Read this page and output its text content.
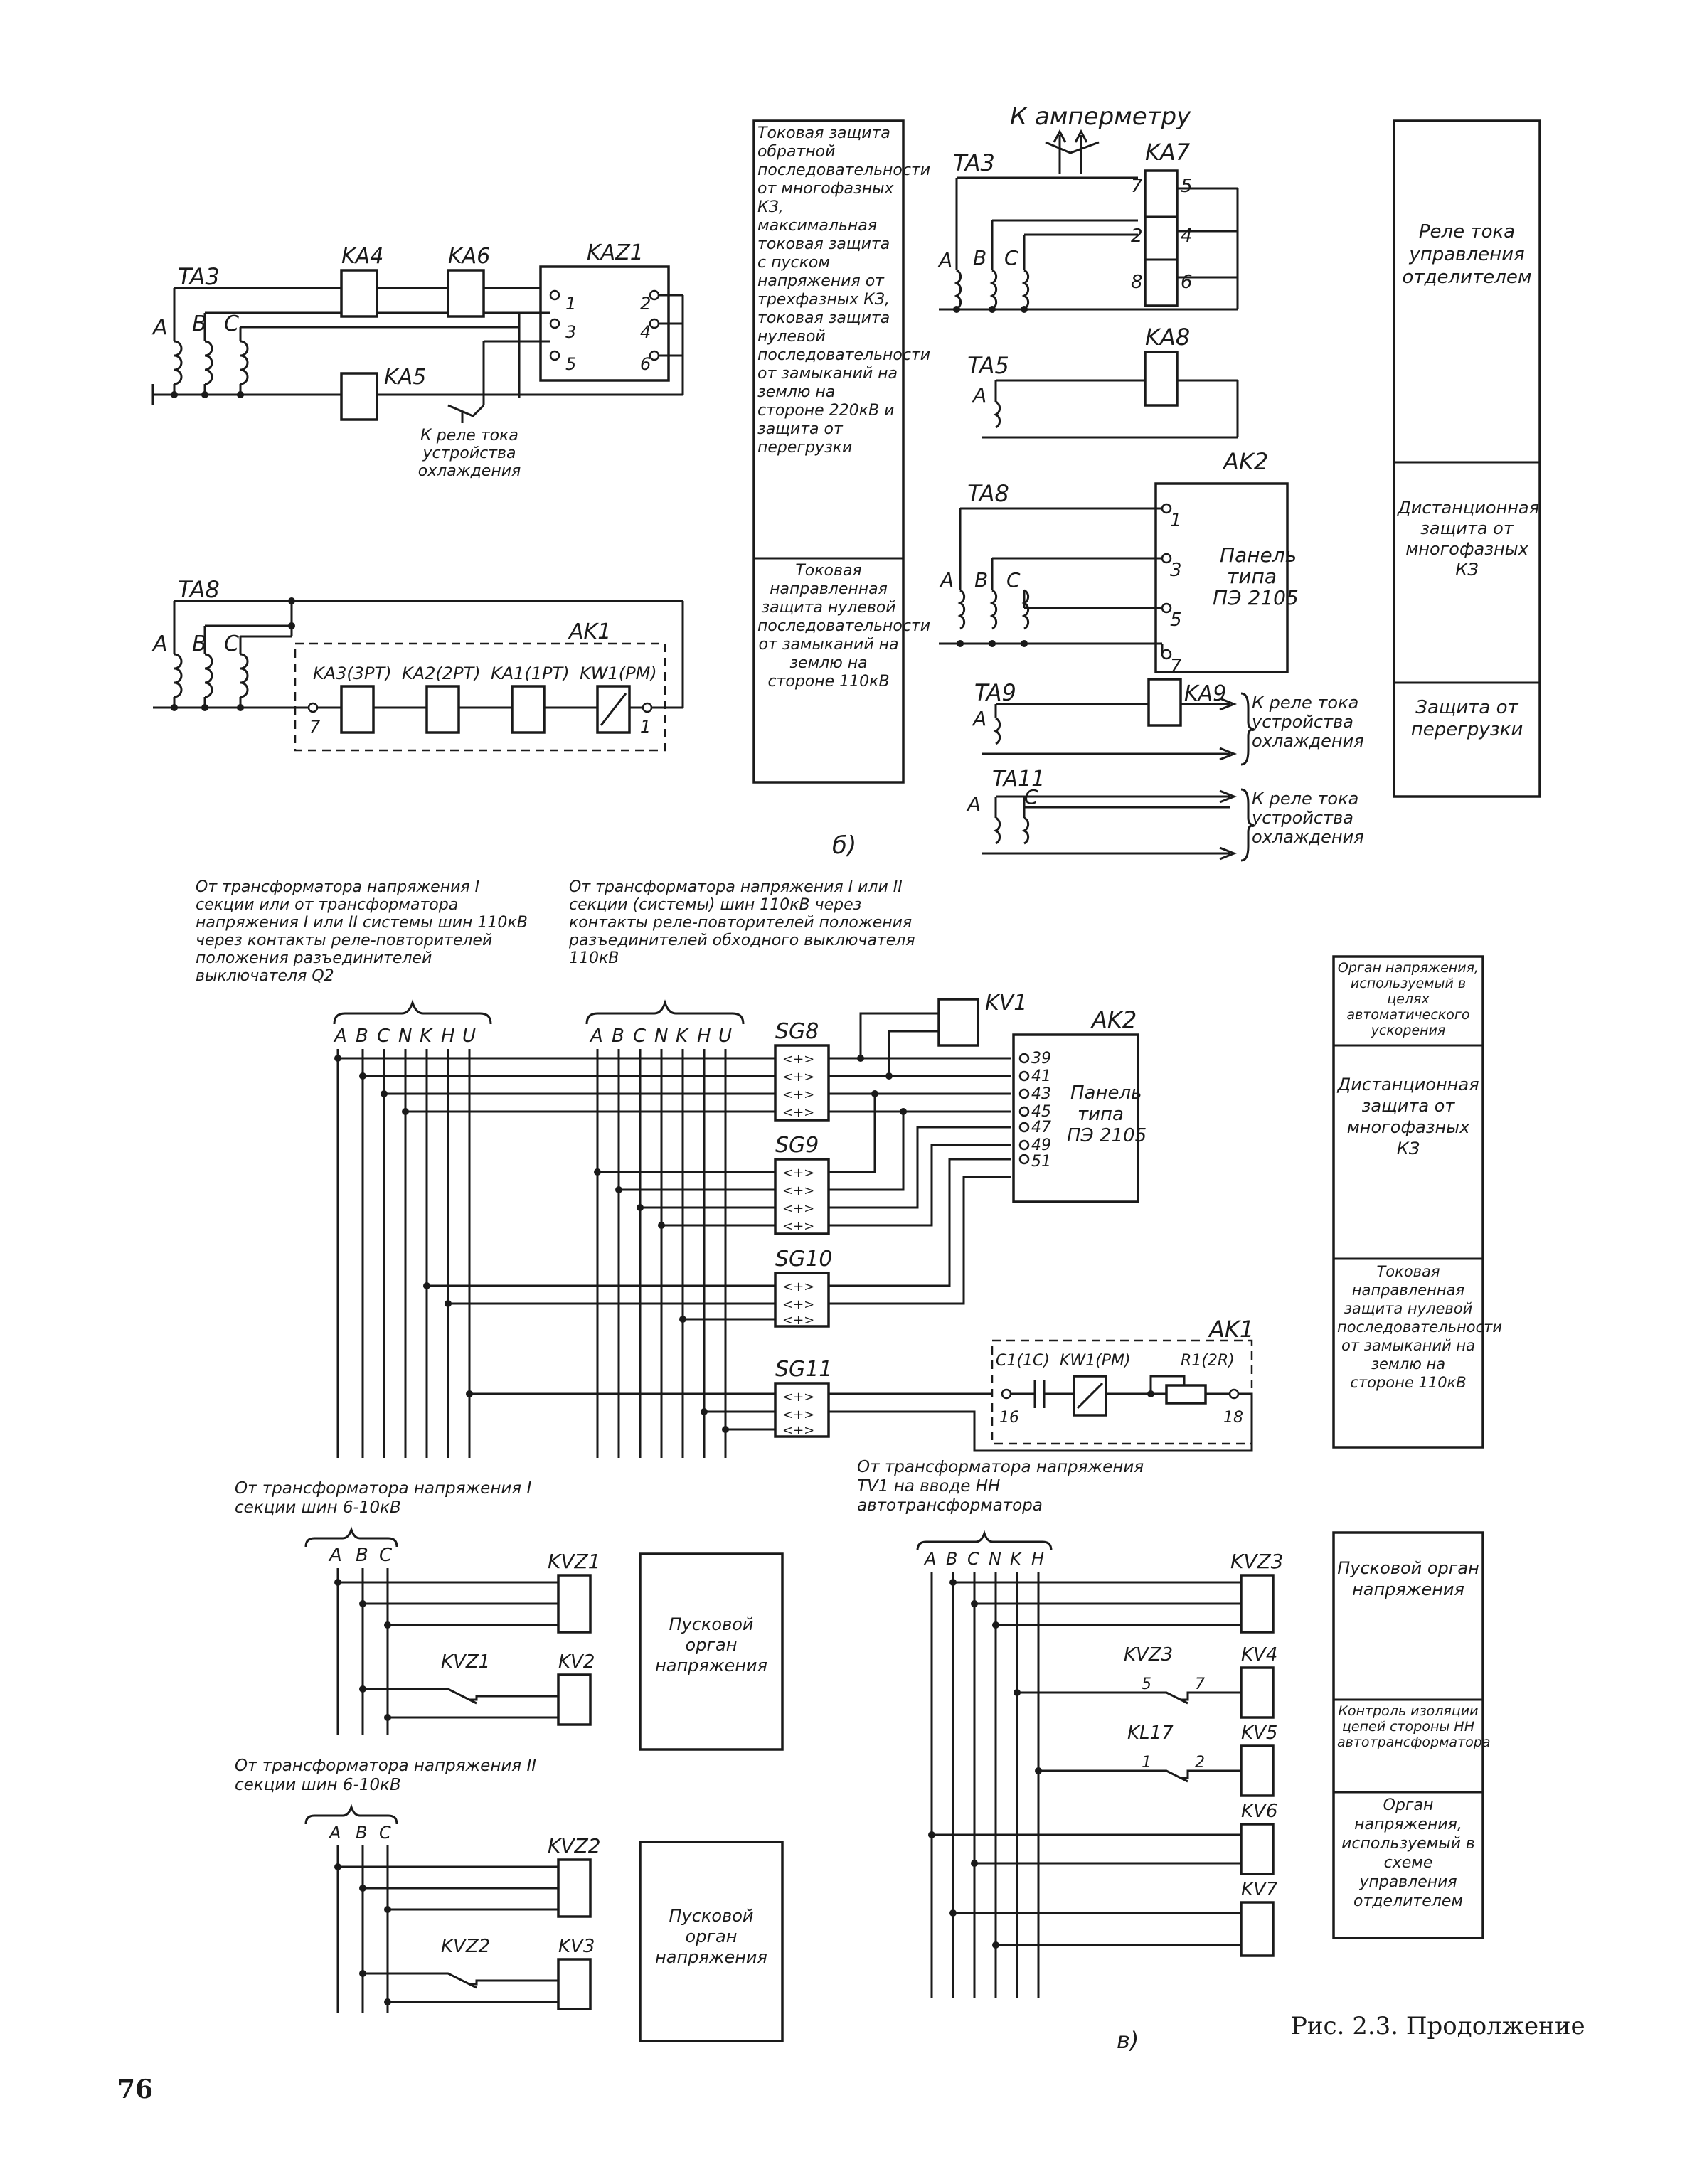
TA3
KA4	KA6
KA5
KAZ1
1
3
5
2
4
6
A B C
К реле тока устройства охлаждения
TA8
AK1
KA3(3PT) KA2(2PT) KA1(1PT) KW1(PM)
7	1
A B C
Токовая защита обратной последовательности от многофазных КЗ, максимальная токовая защита с пуском напряжения от трехфазных КЗ, токовая защита нулевой последовательности от замыканий на землю на стороне 220кВ и защита от перегрузки
Токовая направленная защита нулевой последовательности от замыканий на землю на стороне 110кВ
К амперметру
TA3
A B C
KA7
7
2
8
5
4
6
TA5
KA8
A
TA8
AK2
1
3
5
7
Панель
типа
ПЭ 2105
A B C
TA9	KA9
A
К реле тока устройства охлаждения
TA11
A C	К реле тока устройства охлаждения
б)
Реле тока управления отделителем
Дистанционная защита от многофазных КЗ
Защита от перегрузки
От трансформатора напряжения I секции или от трансформатора напряжения I или II системы шин 110кВ через контакты реле-повторителей положения разъединителей выключателя Q2
От трансформатора напряжения I или II секции (системы) шин 110кВ через контакты реле-повторителей положения разъединителей обходного выключателя 110кВ
A B C N K H U	A B C N K H U SG8
<+>
<+>
<+>
<+>
SG9
<+>
<+>
<+>
<+>
SG10
<+>
<+>
<+>
SG11
<+>
<+>
<+>
KV1
AK2
39
41
43
45
47
49
51
Панель
типа
ПЭ 2105
AK1
C1(1C) KW1(PM)	R1(2R)
16	18
Орган напряжения, используемый в целях автоматического ускорения
Дистанционная защита от многофазных КЗ
Токовая направленная защита нулевой последовательности от замыканий на землю на стороне 110кВ
От трансформатора напряжения I секции шин 6-10кВ
A B C	KVZ1
KVZ1	KV2
Пусковой орган напряжения
От трансформатора напряжения II секции шин 6-10кВ
A B C
KVZ2
KVZ2	KV3
Пусковой орган напряжения
От трансформатора напряжения TV1 на вводе НН автотрансформатора
A B C N K H	KVZ3
KVZ3	KV4
5	7
KL17	KV5
1	2
KV6
KV7
Пусковой орган напряжения
Контроль изоляции цепей стороны НН автотрансформатора
Орган напряжения, используемый в схеме управления отделителем
в)	Рис. 2.3. Продолжение
76
